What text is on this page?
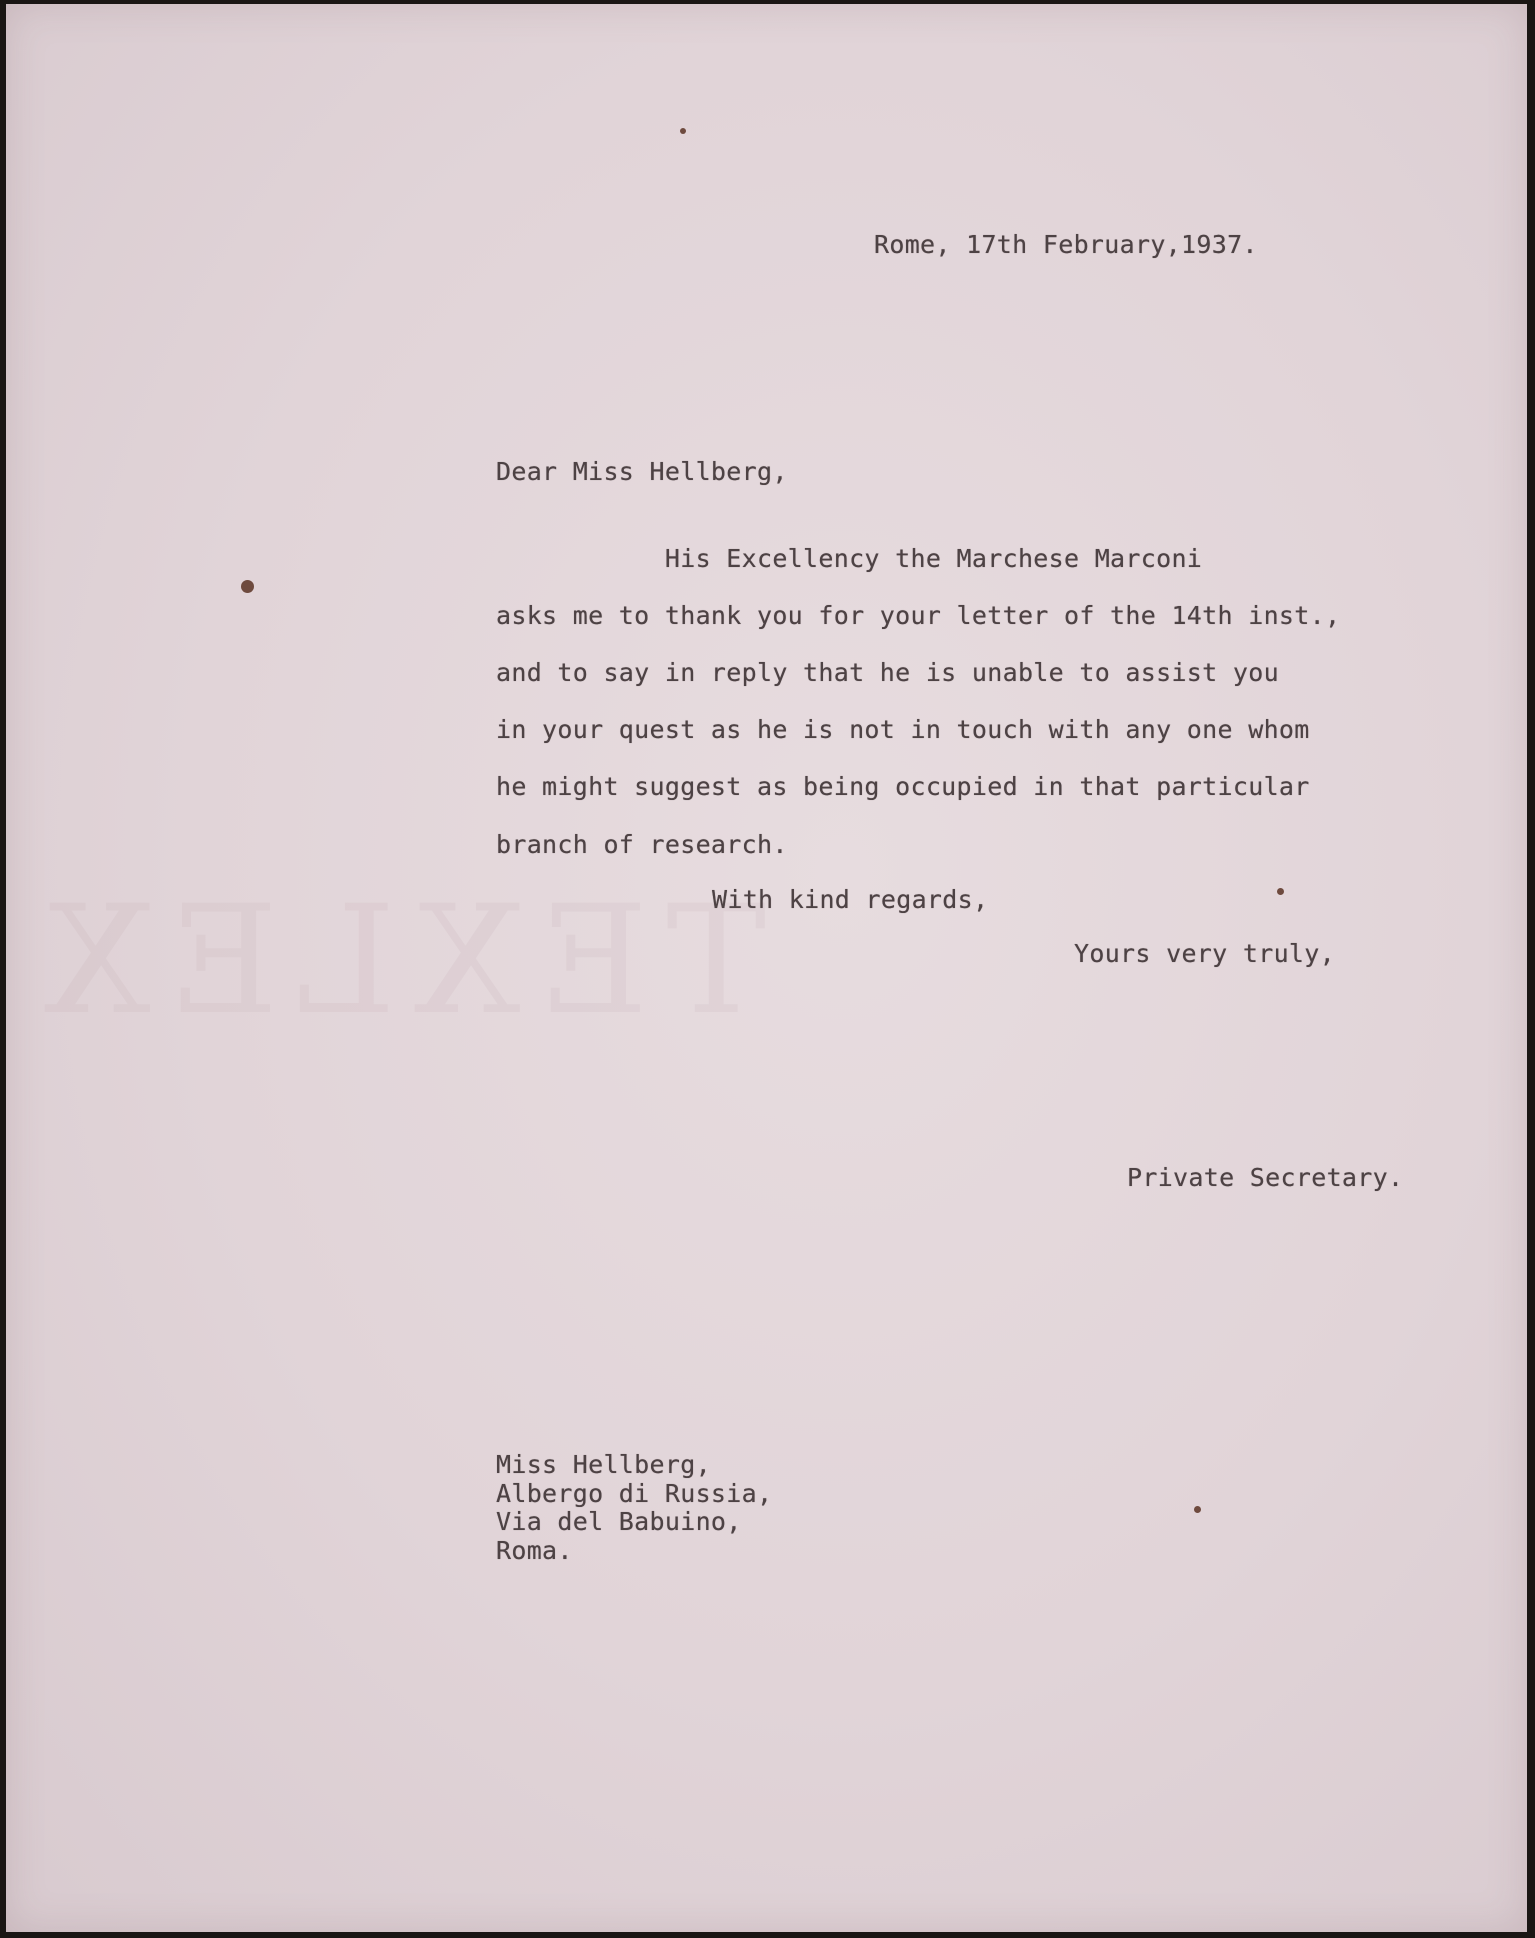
TEXLEX
Rome, 17th February,1937.
Dear Miss Hellberg,
His Excellency the Marchese Marconi
asks me to thank you for your letter of the 14th inst.,
and to say in reply that he is unable to assist you
in your quest as he is not in touch with any one whom
he might suggest as being occupied in that particular
branch of research.
With kind regards,
Yours very truly,
Private Secretary.
Miss Hellberg,
Albergo di Russia,
Via del Babuino,
Roma.
